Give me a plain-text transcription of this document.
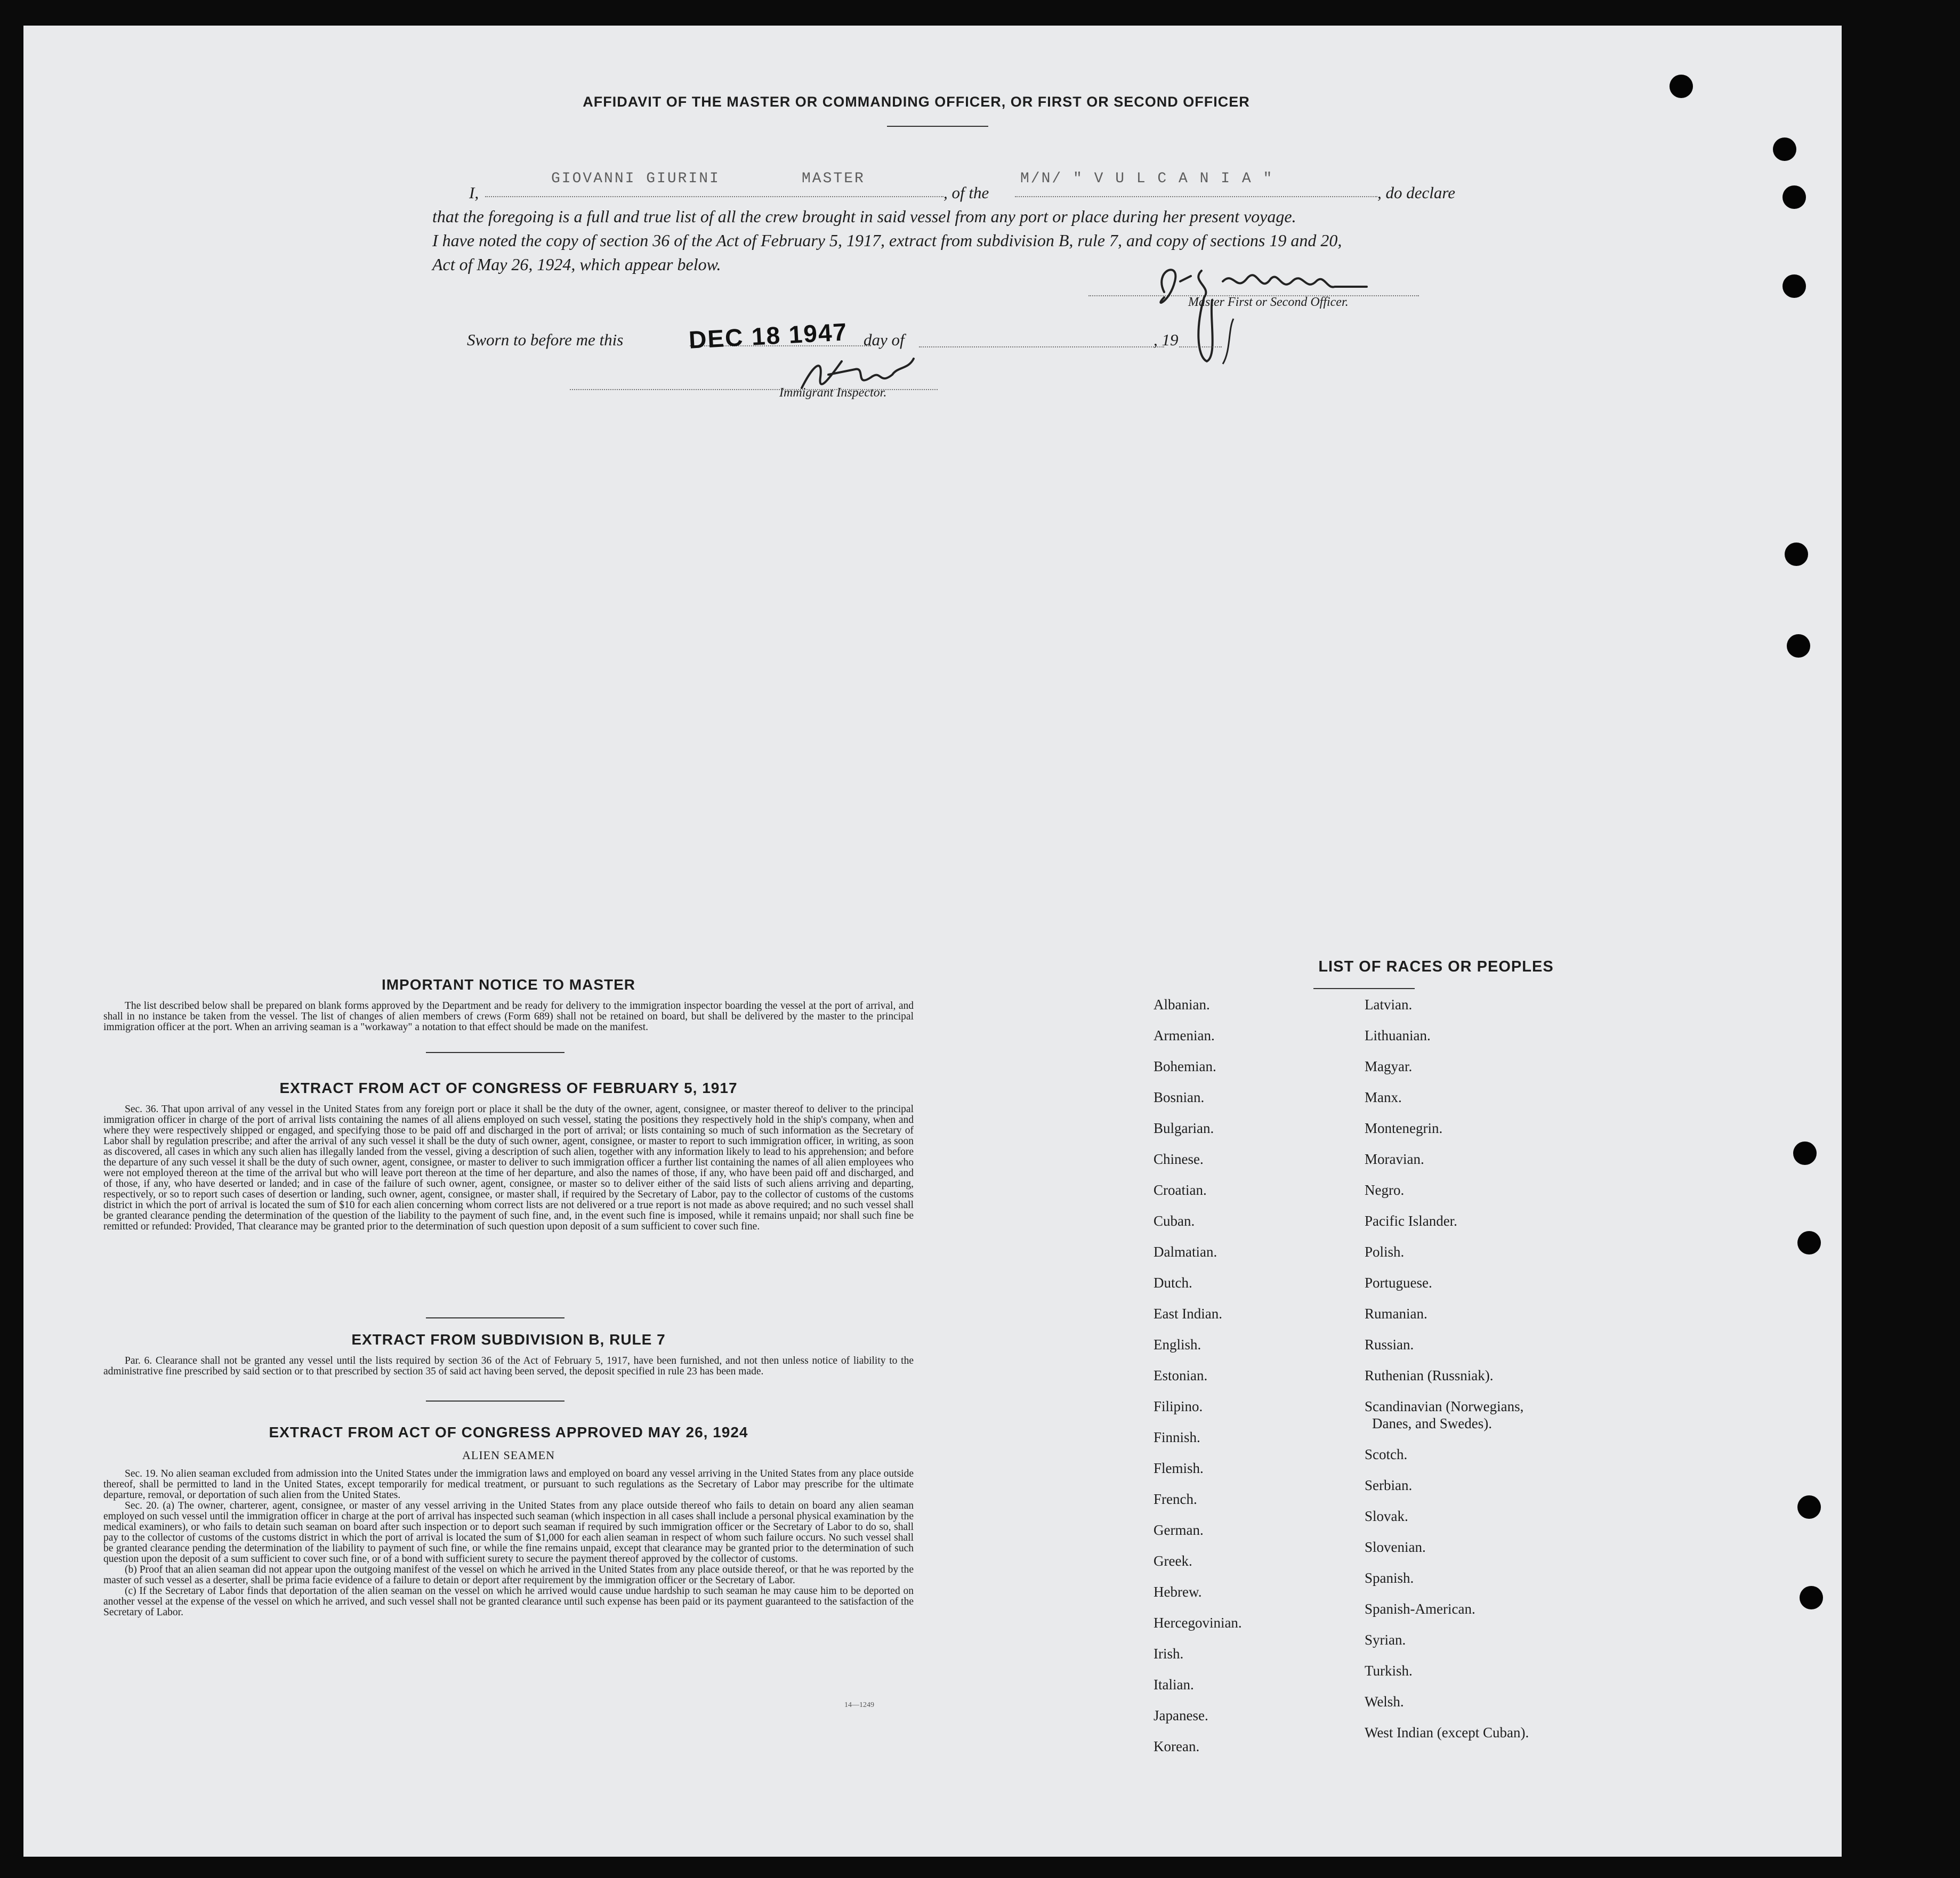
AFFIDAVIT OF THE MASTER OR COMMANDING OFFICER, OR FIRST OR SECOND OFFICER
I,
GIOVANNI GIURINI	MASTER
, of the
M/N/ " V U L C A N I A "
, do declare
that the foregoing is a full and true list of all the crew brought in said vessel from any port or place during her present voyage.
I have noted the copy of section 36 of the Act of February 5, 1917, extract from subdivision B, rule 7, and copy of sections 19 and 20,
Act of May 26, 1924, which appear below.
Master First or Second Officer.
Sworn to before me this	DEC 18 1947 day of	, 19
Immigrant Inspector.
IMPORTANT NOTICE TO MASTER

The list described below shall be prepared on blank forms approved by the Department and be ready for delivery to the immigration inspector boarding the vessel at the port of arrival, and shall in no instance be taken from the vessel. The list of changes of alien members of crews (Form 689) shall not be retained on board, but shall be delivered by the master to the principal immigration officer at the port. When an arriving seaman is a "workaway" a notation to that effect should be made on the manifest.

EXTRACT FROM ACT OF CONGRESS OF FEBRUARY 5, 1917

Sec. 36. That upon arrival of any vessel in the United States from any foreign port or place it shall be the duty of the owner, agent, consignee, or master thereof to deliver to the principal immigration officer in charge of the port of arrival lists containing the names of all aliens employed on such vessel, stating the positions they respectively hold in the ship's company, when and where they were respectively shipped or engaged, and specifying those to be paid off and discharged in the port of arrival; or lists containing so much of such information as the Secretary of Labor shall by regulation prescribe; and after the arrival of any such vessel it shall be the duty of such owner, agent, consignee, or master to report to such immigration officer, in writing, as soon as discovered, all cases in which any such alien has illegally landed from the vessel, giving a description of such alien, together with any information likely to lead to his apprehension; and before the departure of any such vessel it shall be the duty of such owner, agent, consignee, or master to deliver to such immigration officer a further list containing the names of all alien employees who were not employed thereon at the time of the arrival but who will leave port thereon at the time of her departure, and also the names of those, if any, who have been paid off and discharged, and of those, if any, who have deserted or landed; and in case of the failure of such owner, agent, consignee, or master so to deliver either of the said lists of such aliens arriving and departing, respectively, or so to report such cases of desertion or landing, such owner, agent, consignee, or master shall, if required by the Secretary of Labor, pay to the collector of customs of the customs district in which the port of arrival is located the sum of $10 for each alien concerning whom correct lists are not delivered or a true report is not made as above required; and no such vessel shall be granted clearance pending the determination of the question of the liability to the payment of such fine, and, in the event such fine is imposed, while it remains unpaid; nor shall such fine be remitted or refunded: Provided, That clearance may be granted prior to the determination of such question upon deposit of a sum sufficient to cover such fine.

EXTRACT FROM SUBDIVISION B, RULE 7

Par. 6. Clearance shall not be granted any vessel until the lists required by section 36 of the Act of February 5, 1917, have been furnished, and not then unless notice of liability to the administrative fine prescribed by said section or to that prescribed by section 35 of said act having been served, the deposit specified in rule 23 has been made.

EXTRACT FROM ACT OF CONGRESS APPROVED MAY 26, 1924
ALIEN SEAMEN

Sec. 19. No alien seaman excluded from admission into the United States under the immigration laws and employed on board any vessel arriving in the United States from any place outside thereof, shall be permitted to land in the United States, except temporarily for medical treatment, or pursuant to such regulations as the Secretary of Labor may prescribe for the ultimate departure, removal, or deportation of such alien from the United States.

Sec. 20. (a) The owner, charterer, agent, consignee, or master of any vessel arriving in the United States from any place outside thereof who fails to detain on board any alien seaman employed on such vessel until the immigration officer in charge at the port of arrival has inspected such seaman (which inspection in all cases shall include a personal physical examination by the medical examiners), or who fails to detain such seaman on board after such inspection or to deport such seaman if required by such immigration officer or the Secretary of Labor to do so, shall pay to the collector of customs of the customs district in which the port of arrival is located the sum of $1,000 for each alien seaman in respect of whom such failure occurs. No such vessel shall be granted clearance pending the determination of the liability to payment of such fine, or while the fine remains unpaid, except that clearance may be granted prior to the determination of such question upon the deposit of a sum sufficient to cover such fine, or of a bond with sufficient surety to secure the payment thereof approved by the collector of customs.

(b) Proof that an alien seaman did not appear upon the outgoing manifest of the vessel on which he arrived in the United States from any place outside thereof, or that he was reported by the master of such vessel as a deserter, shall be prima facie evidence of a failure to detain or deport after requirement by the immigration officer or the Secretary of Labor.

(c) If the Secretary of Labor finds that deportation of the alien seaman on the vessel on which he arrived would cause undue hardship to such seaman he may cause him to be deported on another vessel at the expense of the vessel on which he arrived, and such vessel shall not be granted clearance until such expense has been paid or its payment guaranteed to the satisfaction of the Secretary of Labor.

14—1249
LIST OF RACES OR PEOPLES
Albanian.
Armenian.
Bohemian.
Bosnian.
Bulgarian.
Chinese.
Croatian.
Cuban.
Dalmatian.
Dutch.
East Indian.
English.
Estonian.
Filipino.
Finnish.
Flemish.
French.
German.
Greek.
Hebrew.
Hercegovinian.
Irish.
Italian.
Japanese.
Korean.
Latvian.
Lithuanian.
Magyar.
Manx.
Montenegrin.
Moravian.
Negro.
Pacific Islander.
Polish.
Portuguese.
Rumanian.
Russian.
Ruthenian (Russniak).
Scandinavian (Norwegians,
Danes, and Swedes).
Scotch.
Serbian.
Slovak.
Slovenian.
Spanish.
Spanish-American.
Syrian.
Turkish.
Welsh.
West Indian (except Cuban).
